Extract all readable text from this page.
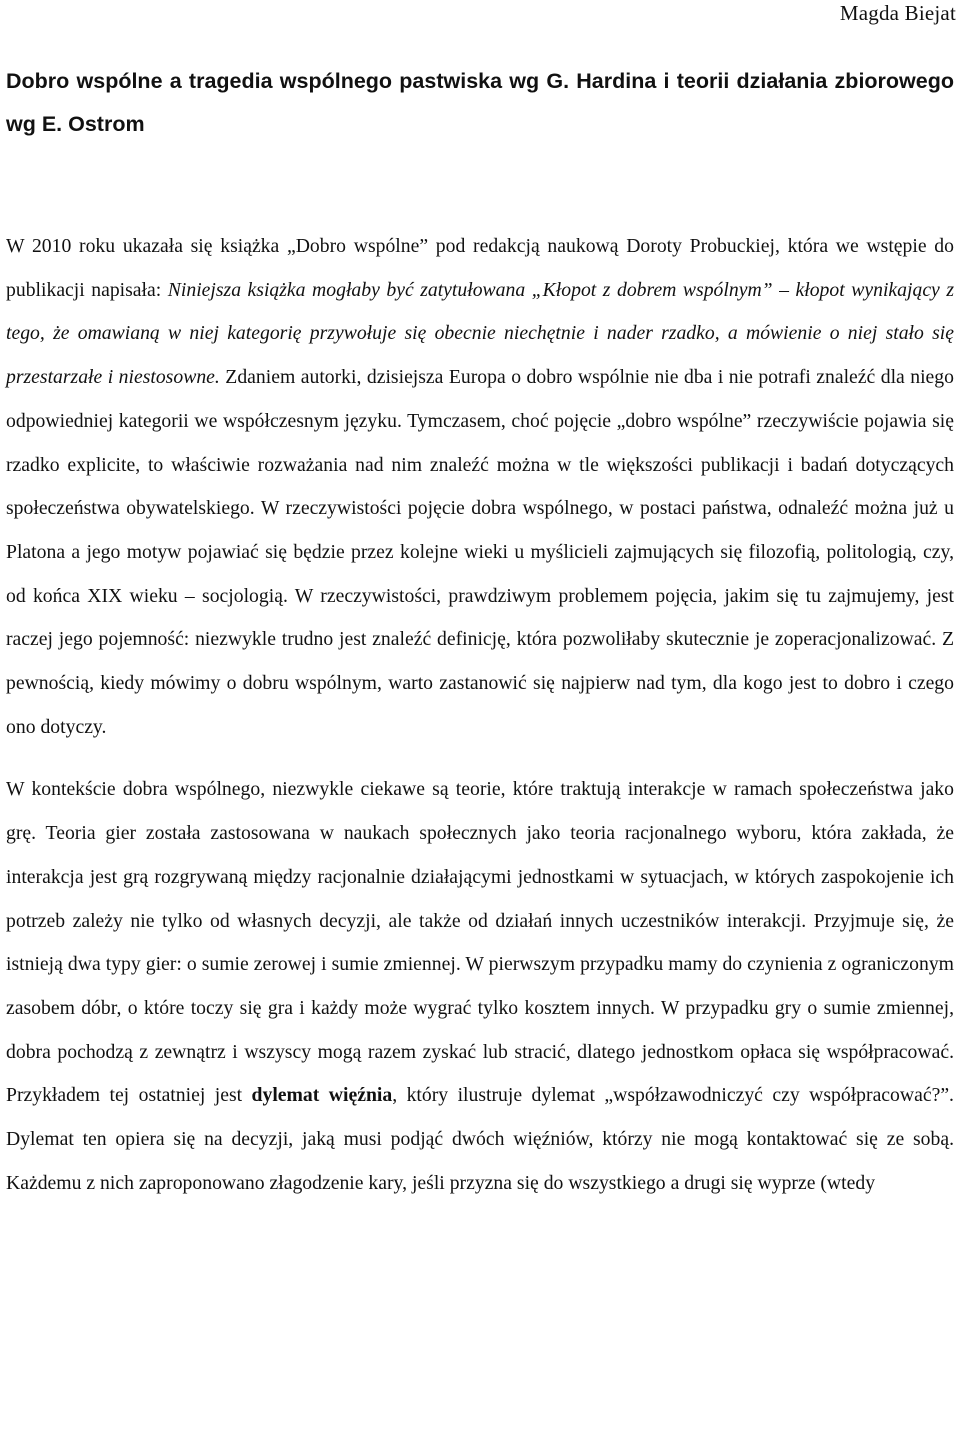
Magda Biejat
Dobro wspólne a tragedia wspólnego pastwiska wg G. Hardina i teorii działania zbiorowego wg E. Ostrom

W 2010 roku ukazała się książka „Dobro wspólne” pod redakcją naukową Doroty Probuckiej, która we wstępie do publikacji napisała: Niniejsza książka mogłaby być zatytułowana „Kłopot z dobrem wspólnym” – kłopot wynikający z tego, że omawianą w niej kategorię przywołuje się obecnie niechętnie i nader rzadko, a mówienie o niej stało się przestarzałe i niestosowne. Zdaniem autorki, dzisiejsza Europa o dobro wspólnie nie dba i nie potrafi znaleźć dla niego odpowiedniej kategorii we współczesnym języku. Tymczasem, choć pojęcie „dobro wspólne” rzeczywiście pojawia się rzadko explicite, to właściwie rozważania nad nim znaleźć można w tle większości publikacji i badań dotyczących społeczeństwa obywatelskiego. W rzeczywistości pojęcie dobra wspólnego, w postaci państwa, odnaleźć można już u Platona a jego motyw pojawiać się będzie przez kolejne wieki u myślicieli zajmujących się filozofią, politologią, czy, od końca XIX wieku – socjologią. W rzeczywistości, prawdziwym problemem pojęcia, jakim się tu zajmujemy, jest raczej jego pojemność: niezwykle trudno jest znaleźć definicję, która pozwoliłaby skutecznie je zoperacjonalizować. Z pewnością, kiedy mówimy o dobru wspólnym, warto zastanowić się najpierw nad tym, dla kogo jest to dobro i czego ono dotyczy.

W kontekście dobra wspólnego, niezwykle ciekawe są teorie, które traktują interakcje w ramach społeczeństwa jako grę. Teoria gier została zastosowana w naukach społecznych jako teoria racjonalnego wyboru, która zakłada, że interakcja jest grą rozgrywaną między racjonalnie działającymi jednostkami w sytuacjach, w których zaspokojenie ich potrzeb zależy nie tylko od własnych decyzji, ale także od działań innych uczestników interakcji. Przyjmuje się, że istnieją dwa typy gier: o sumie zerowej i sumie zmiennej. W pierwszym przypadku mamy do czynienia z ograniczonym zasobem dóbr, o które toczy się gra i każdy może wygrać tylko kosztem innych. W przypadku gry o sumie zmiennej, dobra pochodzą z zewnątrz i wszyscy mogą razem zyskać lub stracić, dlatego jednostkom opłaca się współpracować. Przykładem tej ostatniej jest dylemat więźnia, który ilustruje dylemat „współzawodniczyć czy współpracować?”. Dylemat ten opiera się na decyzji, jaką musi podjąć dwóch więźniów, którzy nie mogą kontaktować się ze sobą. Każdemu z nich zaproponowano złagodzenie kary, jeśli przyzna się do wszystkiego a drugi się wyprze (wtedy
